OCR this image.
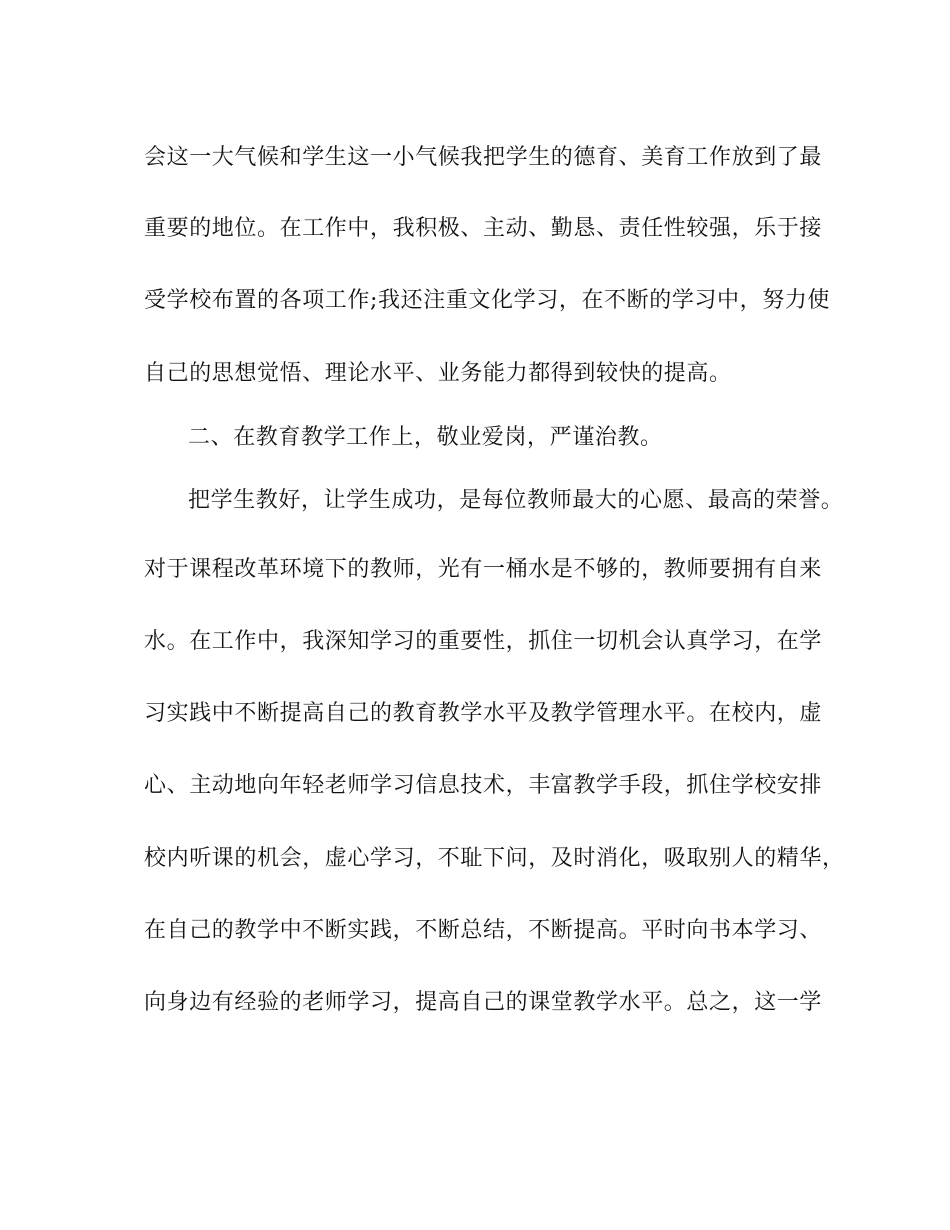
会这一大气候和学生这一小气候我把学生的德育、美育工作放到了最
重要的地位。在工作中，我积极、主动、勤恳、责任性较强，乐于接
受学校布置的各项工作;我还注重文化学习，在不断的学习中，努力使
自己的思想觉悟、理论水平、业务能力都得到较快的提高。
二、在教育教学工作上，敬业爱岗，严谨治教。
把学生教好，让学生成功，是每位教师最大的心愿、最高的荣誉。
对于课程改革环境下的教师，光有一桶水是不够的，教师要拥有自来
水。在工作中，我深知学习的重要性，抓住一切机会认真学习，在学
习实践中不断提高自己的教育教学水平及教学管理水平。在校内，虚
心、主动地向年轻老师学习信息技术，丰富教学手段，抓住学校安排
校内听课的机会，虚心学习，不耻下问，及时消化，吸取别人的精华，
在自己的教学中不断实践，不断总结，不断提高。平时向书本学习、
向身边有经验的老师学习，提高自己的课堂教学水平。总之，这一学
